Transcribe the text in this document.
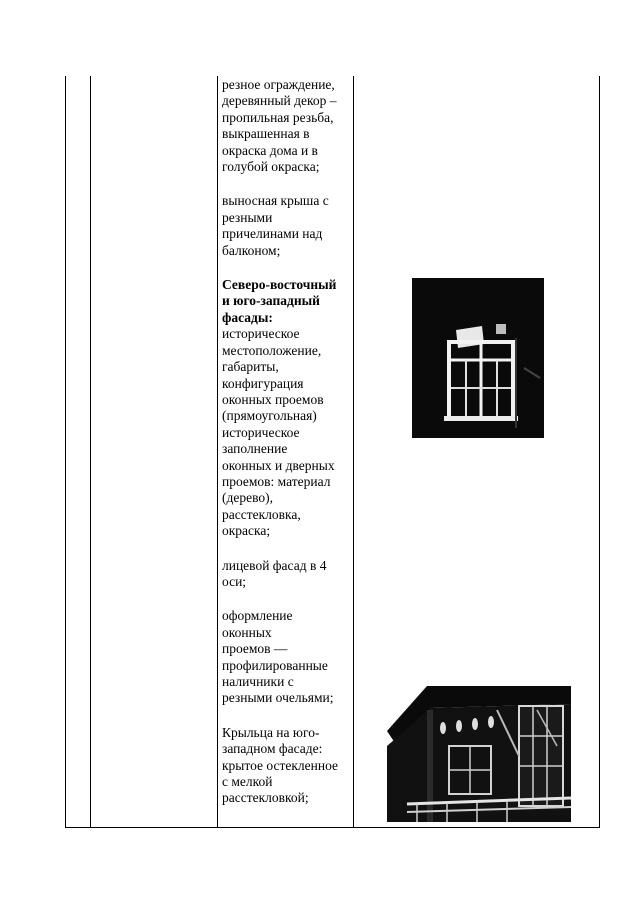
резное ограждение,
деревянный декор –
пропильная резьба,
выкрашенная в
окраска дома и в
голубой окраска;

выносная крыша с
резными
причелинами над
балконом;

Северо-восточный
и юго-западный
фасады:
историческое
местоположение,
габариты,
конфигурация
оконных проемов
(прямоугольная)
историческое
заполнение
оконных и дверных
проемов: материал
(дерево),
расстекловка,
окраска;

лицевой фасад в 4
оси;

оформление
оконных
проемов —
профилированные
наличники с
резными очельями;

Крыльца на юго-
западном фасаде:
крытое остекленное
с мелкой
расстекловкой;
